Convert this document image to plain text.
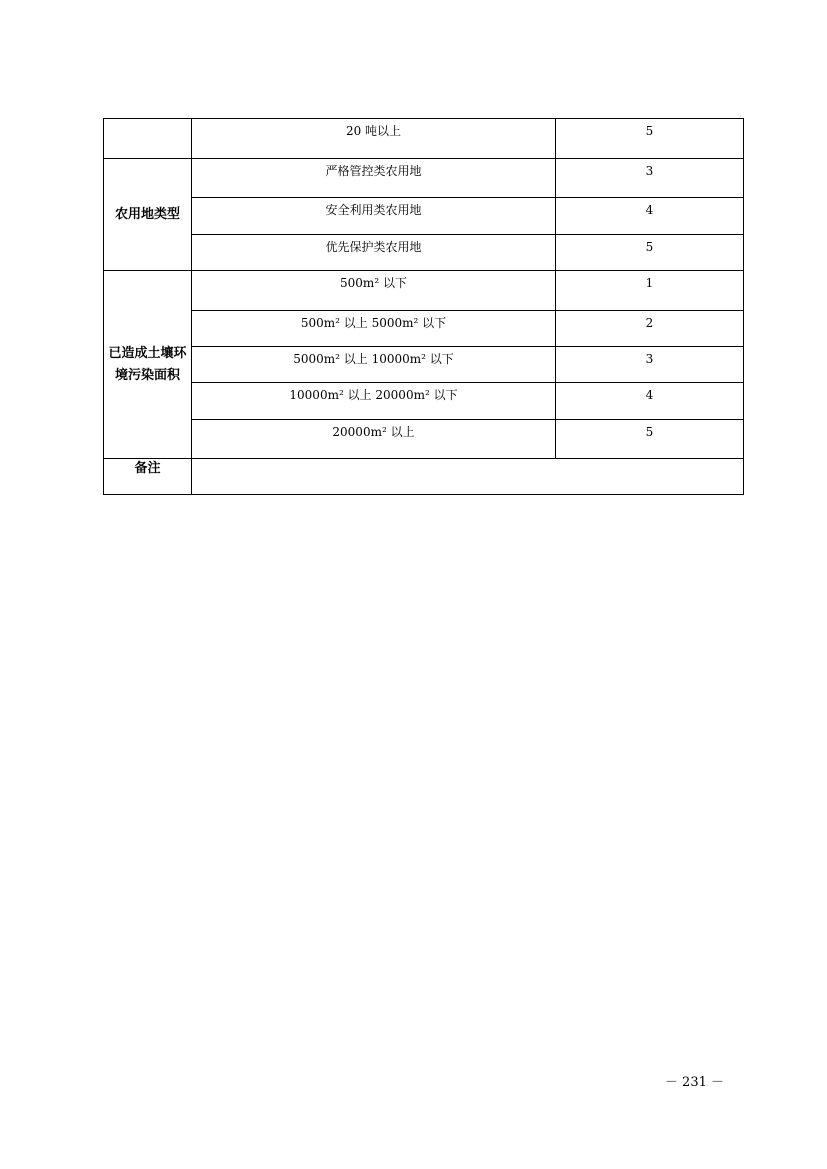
	20 吨以上	5

农用地类型	严格管控类农用地	3

	安全利用类农用地	4

	优先保护类农用地	5

已造成土壤环境污染面积	500m² 以下	1

	500m² 以上 5000m² 以下	2

	5000m² 以上 10000m² 以下	3

	10000m² 以上 20000m² 以下	4

	20000m² 以上	5

备注		

－ 231 －
